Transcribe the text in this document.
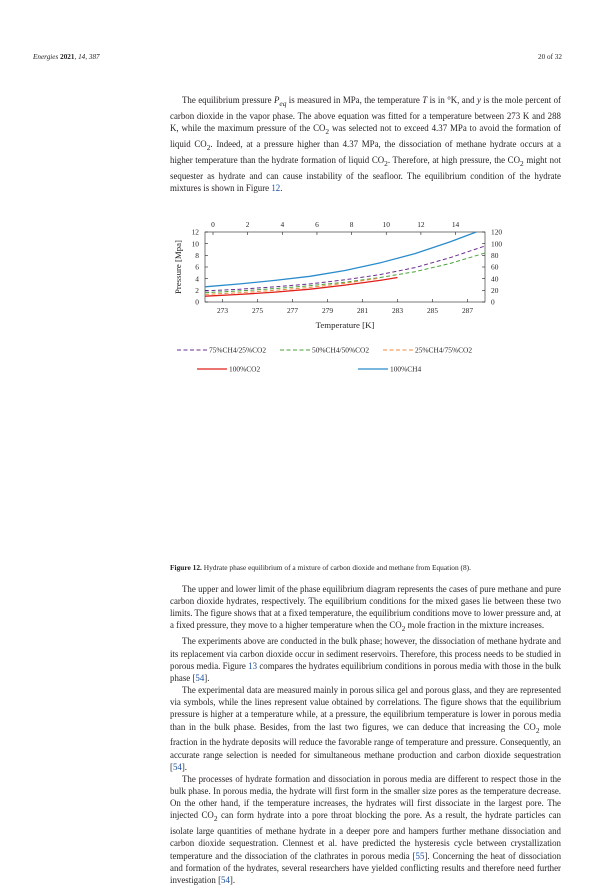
Energies 2021, 14, 387	20 of 32

The equilibrium pressure $P_{eq}$ is measured in MPa, the temperature T is in °K, and y is the mole percent of carbon dioxide in the vapor phase. The above equation was fitted for a temperature between 273 K and 288 K, while the maximum pressure of the $CO_2$ was selected not to exceed 4.37 MPa to avoid the formation of liquid $CO_2$. Indeed, at a pressure higher than 4.37 MPa, the dissociation of methane hydrate occurs at a higher temperature than the hydrate formation of liquid $CO_2$. Therefore, at high pressure, the $CO_2$ might not sequester as hydrate and can cause instability of the seafloor. The equilibrium condition of the hydrate mixtures is shown in Figure 12.

273	275	277	279	281	283	285	287
0	2	4	6	8	10	12	14
0
2
4
6
8
10
12
0
20
40
60
80
100
120
Temperature [K]
Pressure [Mpa]
75%CH4/25%CO2	50%CH4/50%CO2	25%CH4/75%CO2
100%CO2	100%CH4
Figure 12. Hydrate phase equilibrium of a mixture of carbon dioxide and methane from Equation (8).

The upper and lower limit of the phase equilibrium diagram represents the cases of pure methane and pure carbon dioxide hydrates, respectively. The equilibrium conditions for the mixed gases lie between these two limits. The figure shows that at a fixed temperature, the equilibrium conditions move to lower pressure and, at a fixed pressure, they move to a higher temperature when the $CO_2$ mole fraction in the mixture increases.

The experiments above are conducted in the bulk phase; however, the dissociation of methane hydrate and its replacement via carbon dioxide occur in sediment reservoirs. Therefore, this process needs to be studied in porous media. Figure 13 compares the hydrates equilibrium conditions in porous media with those in the bulk phase [54].

The experimental data are measured mainly in porous silica gel and porous glass, and they are represented via symbols, while the lines represent value obtained by correlations. The figure shows that the equilibrium pressure is higher at a temperature while, at a pressure, the equilibrium temperature is lower in porous media than in the bulk phase. Besides, from the last two figures, we can deduce that increasing the $CO_2$ mole fraction in the hydrate deposits will reduce the favorable range of temperature and pressure. Consequently, an accurate range selection is needed for simultaneous methane production and carbon dioxide sequestration [54].

The processes of hydrate formation and dissociation in porous media are different to respect those in the bulk phase. In porous media, the hydrate will first form in the smaller size pores as the temperature decrease. On the other hand, if the temperature increases, the hydrates will first dissociate in the largest pore. The injected $CO_2$ can form hydrate into a pore throat blocking the pore. As a result, the hydrate particles can isolate large quantities of methane hydrate in a deeper pore and hampers further methane dissociation and carbon dioxide sequestration. Clennest et al. have predicted the hysteresis cycle between crystallization temperature and the dissociation of the clathrates in porous media [55]. Concerning the heat of dissociation and formation of the hydrates, several researchers have yielded conflicting results and therefore need further investigation [54].
